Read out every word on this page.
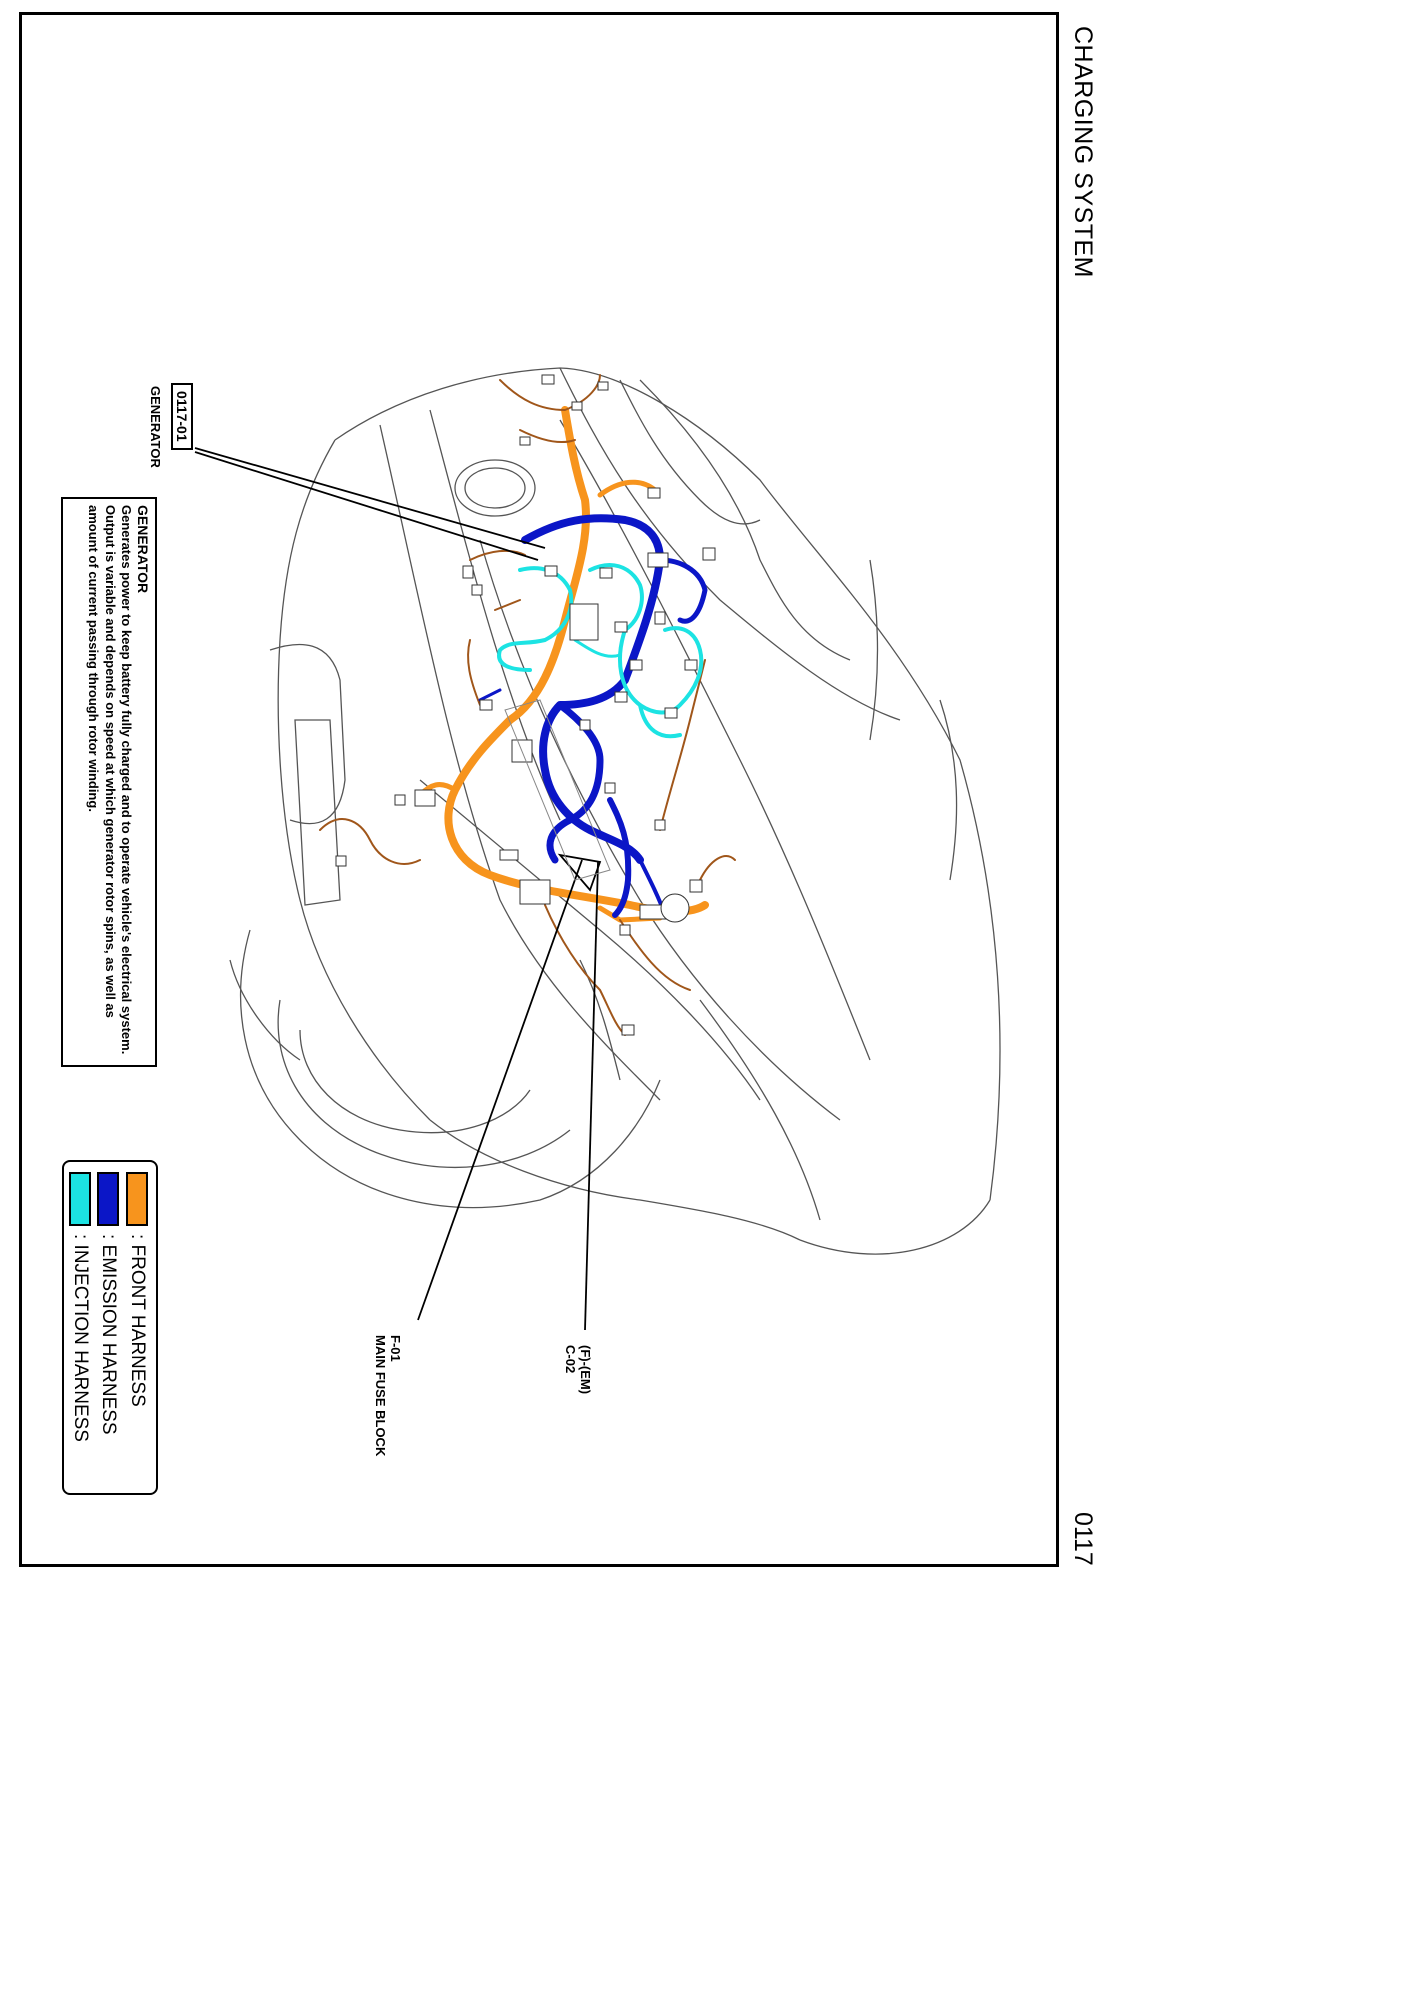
CHARGING SYSTEM
0117
0117-01
GENERATOR
GENERATOR
Generates power to keep battery fully charged and to operate vehicle's electrical system. Output is variable and depends on speed at which generator rotor spins, as well as amount of current passing through rotor winding.
F-01
MAIN FUSE BLOCK	(F)-(EM)
C-02
: FRONT HARNESS
: EMISSION HARNESS
: INJECTION HARNESS
